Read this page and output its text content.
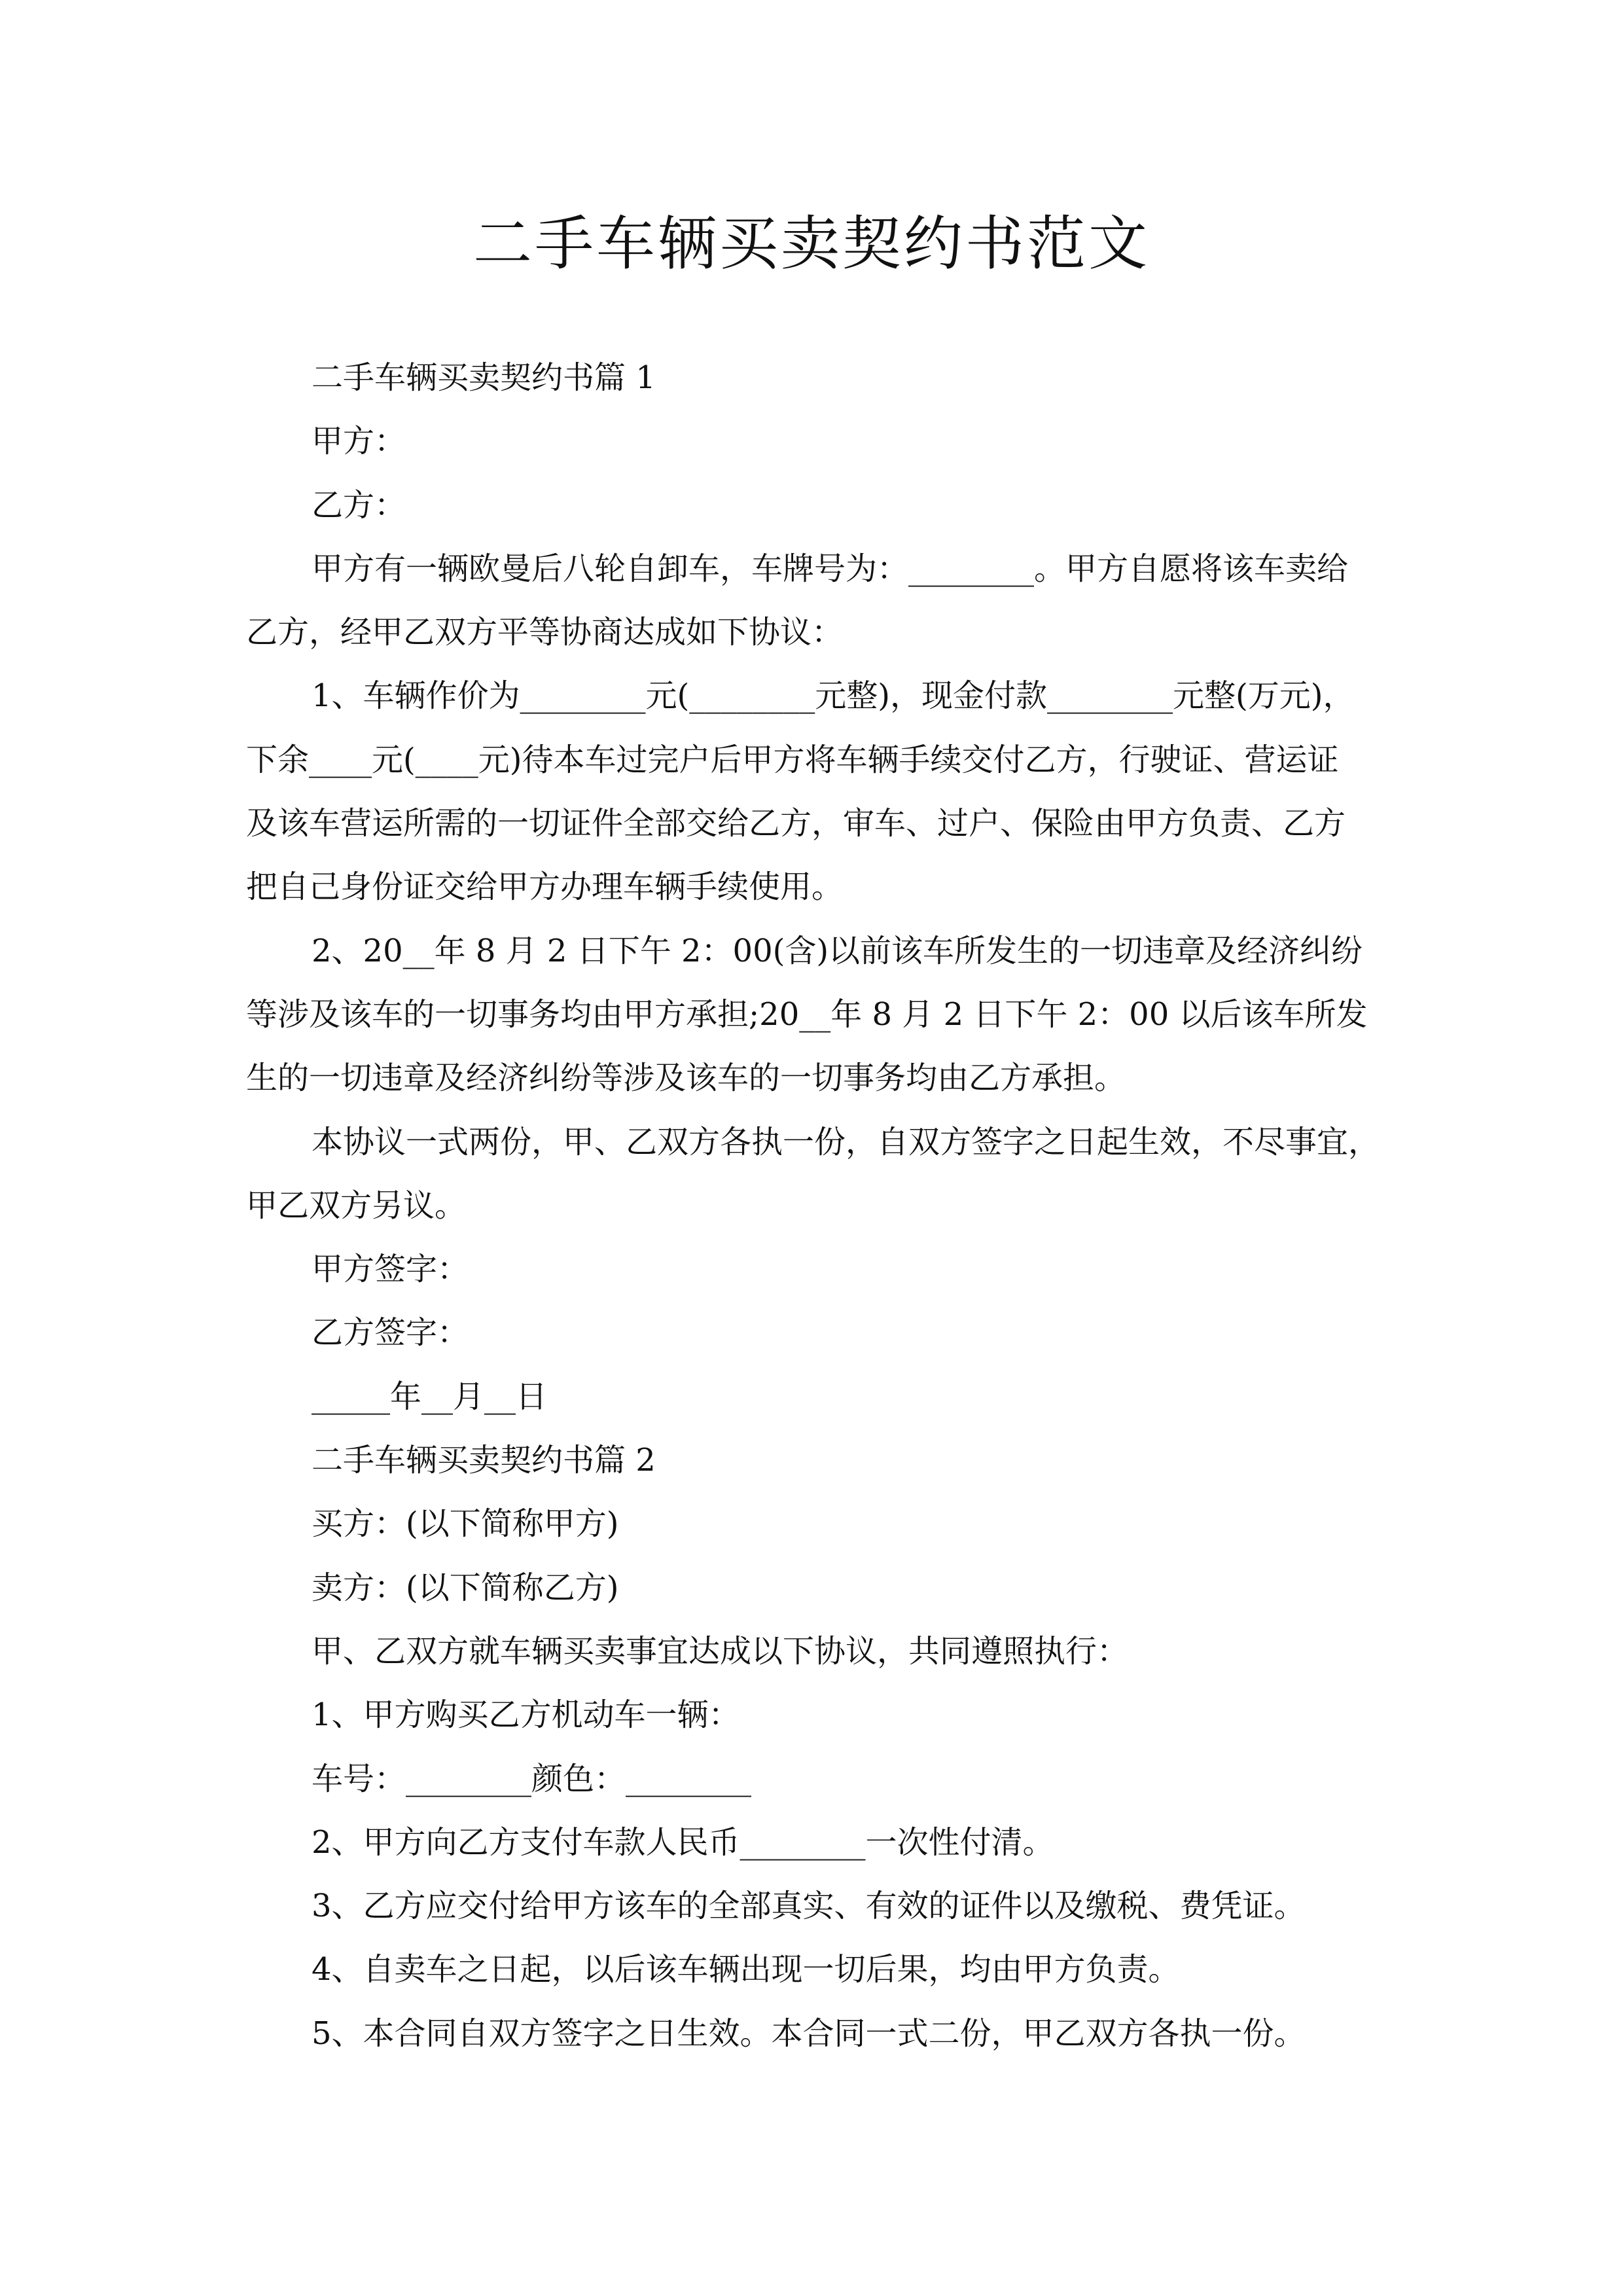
二手车辆买卖契约书范文
二手车辆买卖契约书篇 1
甲方：
乙方：
甲方有一辆欧曼后八轮自卸车，车牌号为：________。甲方自愿将该车卖给
乙方，经甲乙双方平等协商达成如下协议：
1、车辆作价为________元(________元整)，现金付款________元整(万元)，
下余____元(____元)待本车过完户后甲方将车辆手续交付乙方，行驶证、营运证
及该车营运所需的一切证件全部交给乙方，审车、过户、保险由甲方负责、乙方
把自己身份证交给甲方办理车辆手续使用。
2、20__年 8 月 2 日下午 2：00(含)以前该车所发生的一切违章及经济纠纷
等涉及该车的一切事务均由甲方承担;20__年 8 月 2 日下午 2：00 以后该车所发
生的一切违章及经济纠纷等涉及该车的一切事务均由乙方承担。
本协议一式两份，甲、乙双方各执一份，自双方签字之日起生效，不尽事宜，
甲乙双方另议。
甲方签字：
乙方签字：
_____年__月__日
二手车辆买卖契约书篇 2
买方：(以下简称甲方)
卖方：(以下简称乙方)
甲、乙双方就车辆买卖事宜达成以下协议，共同遵照执行：
1、甲方购买乙方机动车一辆：
车号：________颜色：________
2、甲方向乙方支付车款人民币________一次性付清。
3、乙方应交付给甲方该车的全部真实、有效的证件以及缴税、费凭证。
4、自卖车之日起，以后该车辆出现一切后果，均由甲方负责。
5、本合同自双方签字之日生效。本合同一式二份，甲乙双方各执一份。
